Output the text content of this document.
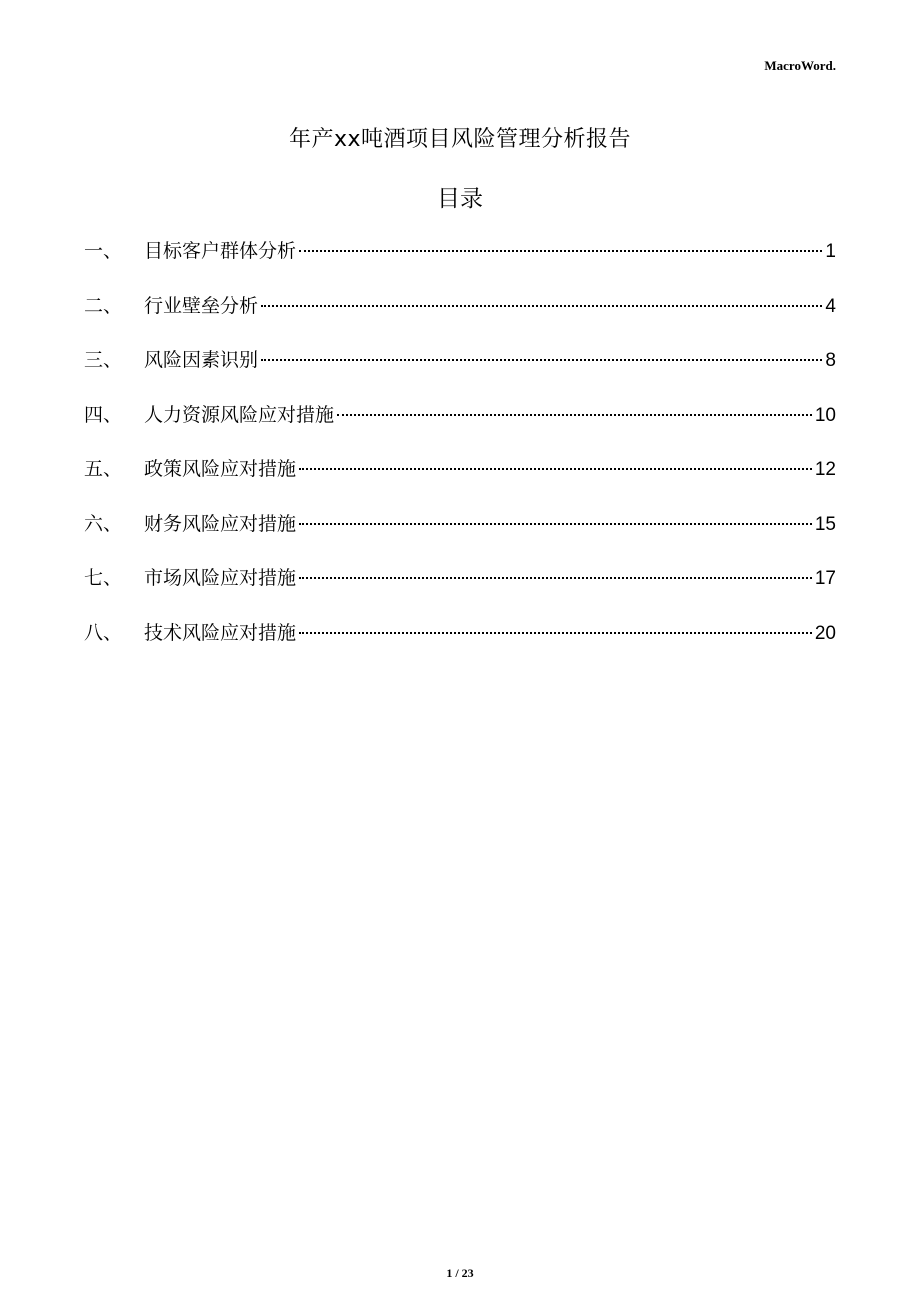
MacroWord.
年产xx吨酒项目风险管理分析报告
目录
一、	目标客户群体分析	1
二、	行业壁垒分析	4
三、	风险因素识别	8
四、	人力资源风险应对措施	10
五、	政策风险应对措施	12
六、	财务风险应对措施	15
七、	市场风险应对措施	17
八、	技术风险应对措施	20
1 / 23
